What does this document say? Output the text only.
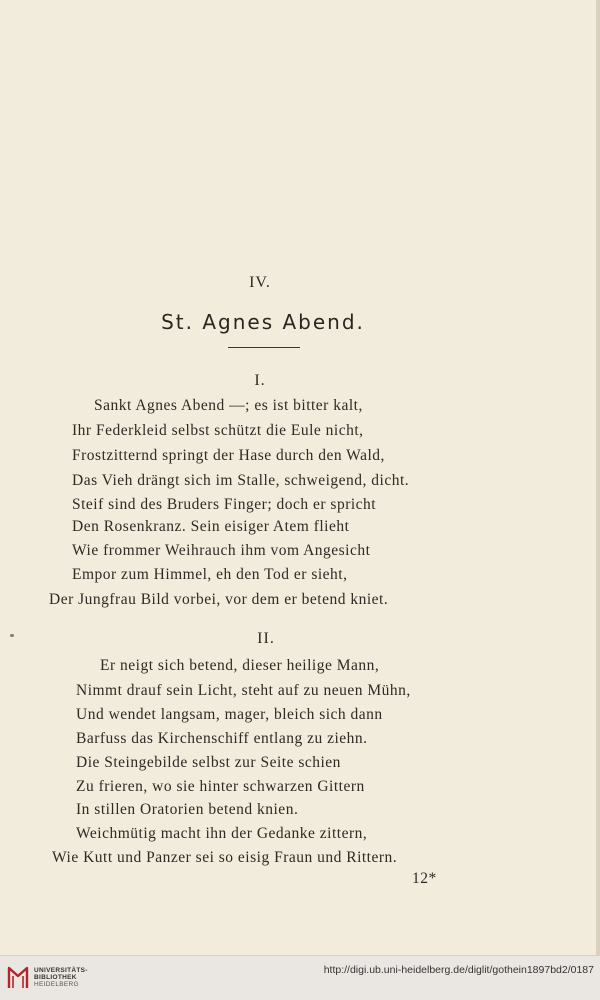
IV.
St. Agnes Abend.
I.
Sankt Agnes Abend —; es ist bitter kalt,
Ihr Federkleid selbst schützt die Eule nicht,
Frostzitternd springt der Hase durch den Wald,
Das Vieh drängt sich im Stalle, schweigend, dicht.
Steif sind des Bruders Finger; doch er spricht
Den Rosenkranz. Sein eisiger Atem flieht
Wie frommer Weihrauch ihm vom Angesicht
Empor zum Himmel, eh den Tod er sieht,
Der Jungfrau Bild vorbei, vor dem er betend kniet.
II.
Er neigt sich betend, dieser heilige Mann,
Nimmt drauf sein Licht, steht auf zu neuen Mühn,
Und wendet langsam, mager, bleich sich dann
Barfuss das Kirchenschiff entlang zu ziehn.
Die Steingebilde selbst zur Seite schien
Zu frieren, wo sie hinter schwarzen Gittern
In stillen Oratorien betend knien.
Weichmütig macht ihn der Gedanke zittern,
Wie Kutt und Panzer sei so eisig Fraun und Rittern.
12*
UNIVERSITÄTS-
BIBLIOTHEK
HEIDELBERG
http://digi.ub.uni-heidelberg.de/diglit/gothein1897bd2/0187
